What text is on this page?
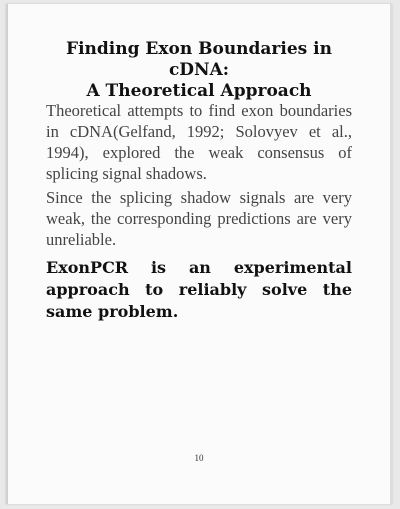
Finding Exon Boundaries in
cDNA:
A Theoretical Approach

Theoretical attempts to find exon boundaries in cDNA(Gelfand, 1992; Solovyev et al., 1994), explored the weak consensus of splicing signal shadows.

Since the splicing shadow signals are very weak, the corresponding predictions are very unreliable.

ExonPCR is an experimental approach to reliably solve the same problem.

10
